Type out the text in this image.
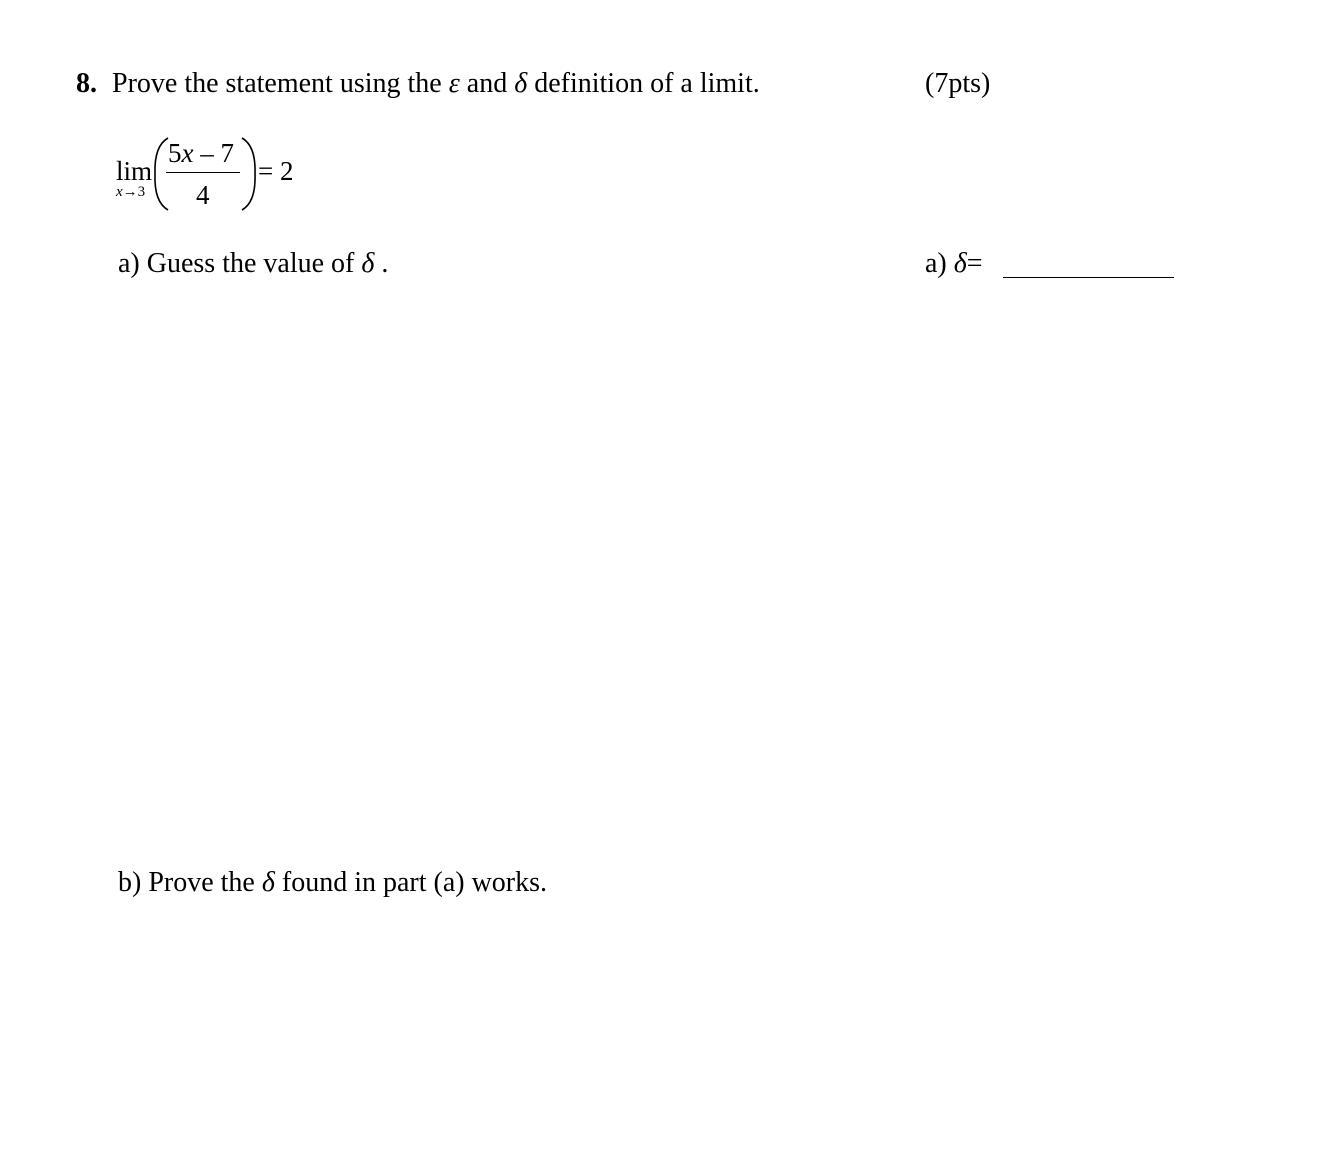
8. Prove the statement using the ε and δ definition of a limit.	(7pts)
lim
x→3
5x – 7
4
= 2
a) Guess the value of δ .	a) δ=
b) Prove the δ found in part (a) works.
